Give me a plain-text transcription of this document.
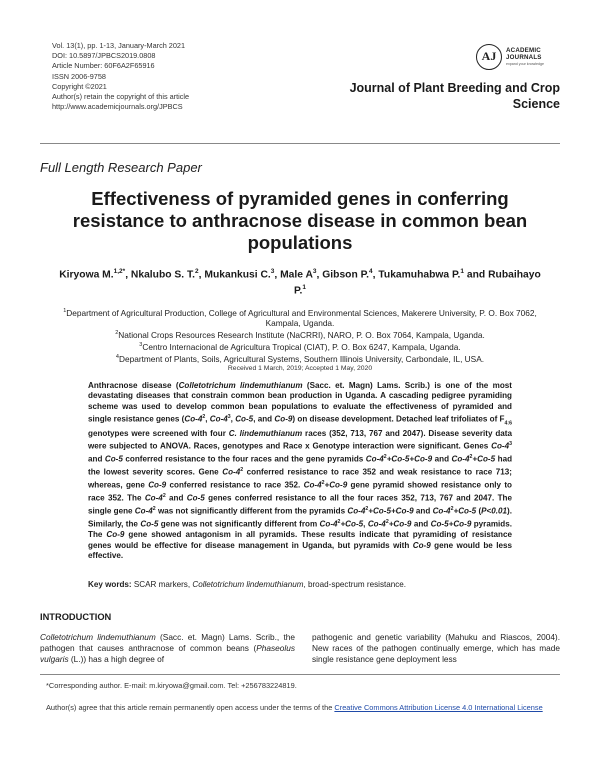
Vol. 13(1), pp. 1-13, January-March 2021
DOI: 10.5897/JPBCS2019.0808
Article Number: 60F6A2F65916
ISSN 2006-9758
Copyright ©2021
Author(s) retain the copyright of this article
http://www.academicjournals.org/JPBCS
AJ	ACADEMIC
JOURNALS
expand your knowledge
Journal of Plant Breeding and Crop Science
Full Length Research Paper
Effectiveness of pyramided genes in conferring resistance to anthracnose disease in common bean populations
Kiryowa M.$^{1,2*}$, Nkalubo S. T.$^2$, Mukankusi C.$^3$, Male $A^3$, Gibson P.$^4$, Tukamuhabwa P.$^1$ and Rubaihayo P.$^1$
$^1$Department of Agricultural Production, College of Agricultural and Environmental Sciences, Makerere University, P. O. Box 7062, Kampala, Uganda.
$^2$National Crops Resources Research Institute (NaCRRI), NARO, P. O. Box 7064, Kampala, Uganda.
$^3$Centro Internacional de Agricultura Tropical (CIAT), P. O. Box 6247, Kampala, Uganda.
$^4$Department of Plants, Soils, Agricultural Systems, Southern Illinois University, Carbondale, IL, USA.
Received 1 March, 2019; Accepted 1 May, 2020
Anthracnose disease (Colletotrichum lindemuthianum (Sacc. et. Magn) Lams. Scrib.) is one of the most devastating diseases that constrain common bean production in Uganda. A cascading pedigree pyramiding scheme was used to develop common bean populations to evaluate the effectiveness of pyramided and single resistance genes ($Co-4^2$, $Co-4^3$, Co-5, and Co-9) on disease development. Detached leaf trifoliates of $F_{4:6}$ genotypes were screened with four C. lindemuthianum races (352, 713, 767 and 2047). Disease severity data were subjected to ANOVA. Races, genotypes and Race x Genotype interaction were significant. Genes $Co-4^3$ and Co-5 conferred resistance to the four races and the gene pyramids $Co-4^2+Co-5+Co-9$ and $Co-4^2+Co-5$ had the lowest severity scores. Gene $Co-4^2$ conferred resistance to race 352 and weak resistance to race 713; whereas, gene Co-9 conferred resistance to race 352. $Co-4^2+Co-9$ gene pyramid showed resistance only to race 352. The $Co-4^2$ and Co-5 genes conferred resistance to all the four races 352, 713, 767 and 2047. The single gene $Co-4^2$ was not significantly different from the pyramids $Co-4^2+Co-5+Co-9$ and $Co-4^2+Co-5$ (P<0.01). Similarly, the Co-5 gene was not significantly different from $Co-4^2+Co-5$, $Co-4^2+Co-9$ and Co-5+Co-9 pyramids. The Co-9 gene showed antagonism in all pyramids. These results indicate that pyramiding of resistance genes would be effective for disease management in Uganda, but pyramids with Co-9 gene would be less effective.
Key words: SCAR markers, Colletotrichum lindemuthianum, broad-spectrum resistance.
INTRODUCTION
Colletotrichum lindemuthianum (Sacc. et. Magn) Lams. Scrib., the pathogen that causes anthracnose of common beans (Phaseolus vulgaris (L.)) has a high degree of
pathogenic and genetic variability (Mahuku and Riascos, 2004). New races of the pathogen continually emerge, which has made single resistance gene deployment less
*Corresponding author. E-mail: m.kiryowa@gmail.com. Tel: +256783224819.
Author(s) agree that this article remain permanently open access under the terms of the Creative Commons Attribution License 4.0 International License
